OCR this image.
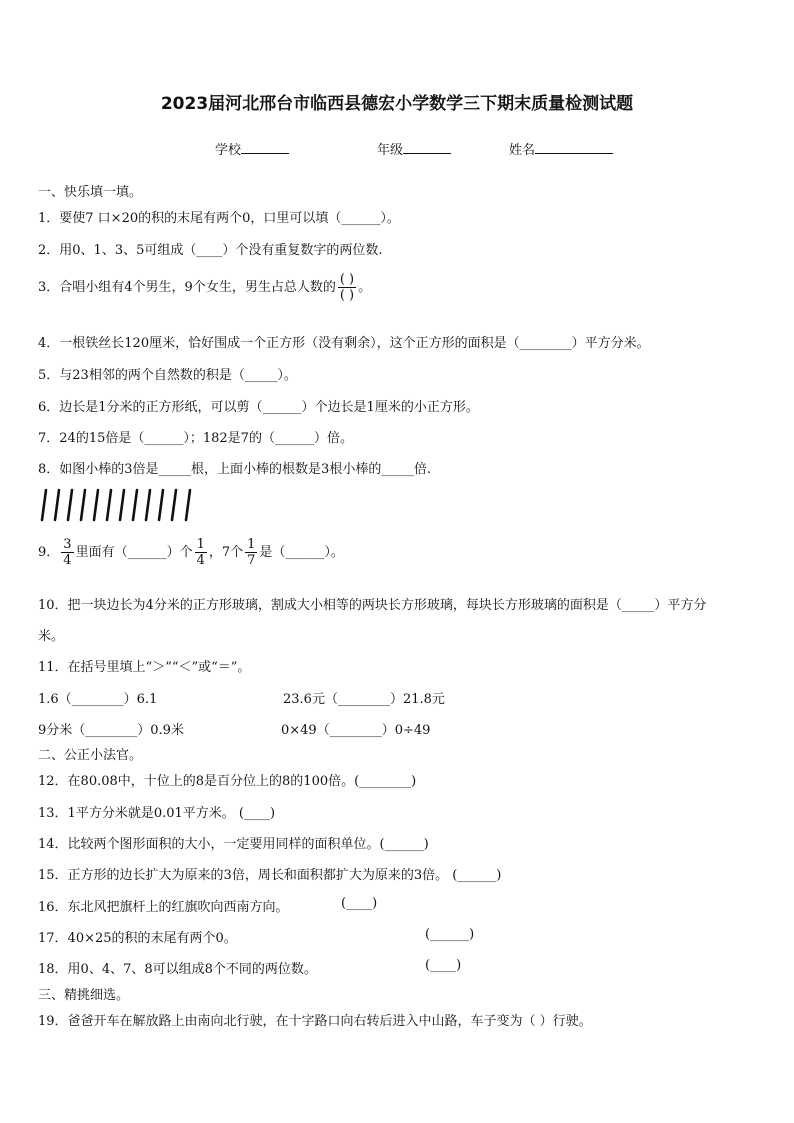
2023届河北邢台市临西县德宏小学数学三下期末质量检测试题
学校	年级	姓名
一、快乐填一填。
1．要使7 口×20的积的末尾有两个0，口里可以填（______）。
2．用0、1、3、5可组成（____）个没有重复数字的两位数.
3．合唱小组有4个男生，9个女生，男生占总人数的 $\frac{( )}{( )}$ 。
4．一根铁丝长120厘米，恰好围成一个正方形（没有剩余），这个正方形的面积是（________）平方分米。
5．与23相邻的两个自然数的积是（_____）。
6．边长是1分米的正方形纸，可以剪（______）个边长是1厘米的小正方形。
7．24的15倍是（______）；182是7的（______）倍。
8．如图小棒的3倍是_____根，上面小棒的根数是3根小棒的_____倍.
9． $\frac{3}{4}$ 里面有（______）个 $\frac{1}{4}$ ，7个 $\frac{1}{7}$ 是（______）。
10．把一块边长为4分米的正方形玻璃，割成大小相等的两块长方形玻璃，每块长方形玻璃的面积是（_____）平方分
米。
11．在括号里填上“＞”“＜”或“＝”。
1.6（________）6.1	23.6元（________）21.8元
9分米（________）0.9米	0×49（________）0÷49
二、公正小法官。
12．在80.08中，十位上的8是百分位上的8的100倍。(________)
13．1平方分米就是0.01平方米。 (____)
14．比较两个图形面积的大小，一定要用同样的面积单位。(______)
15．正方形的边长扩大为原来的3倍，周长和面积都扩大为原来的3倍。 (______)
16．东北风把旗杆上的红旗吹向西南方向。	(____)
17．40×25的积的末尾有两个0。	(______)
18．用0、4、7、8可以组成8个不同的两位数。	(____)
三、精挑细选。
19．爸爸开车在解放路上由南向北行驶，在十字路口向右转后进入中山路，车子变为（ ）行驶。
